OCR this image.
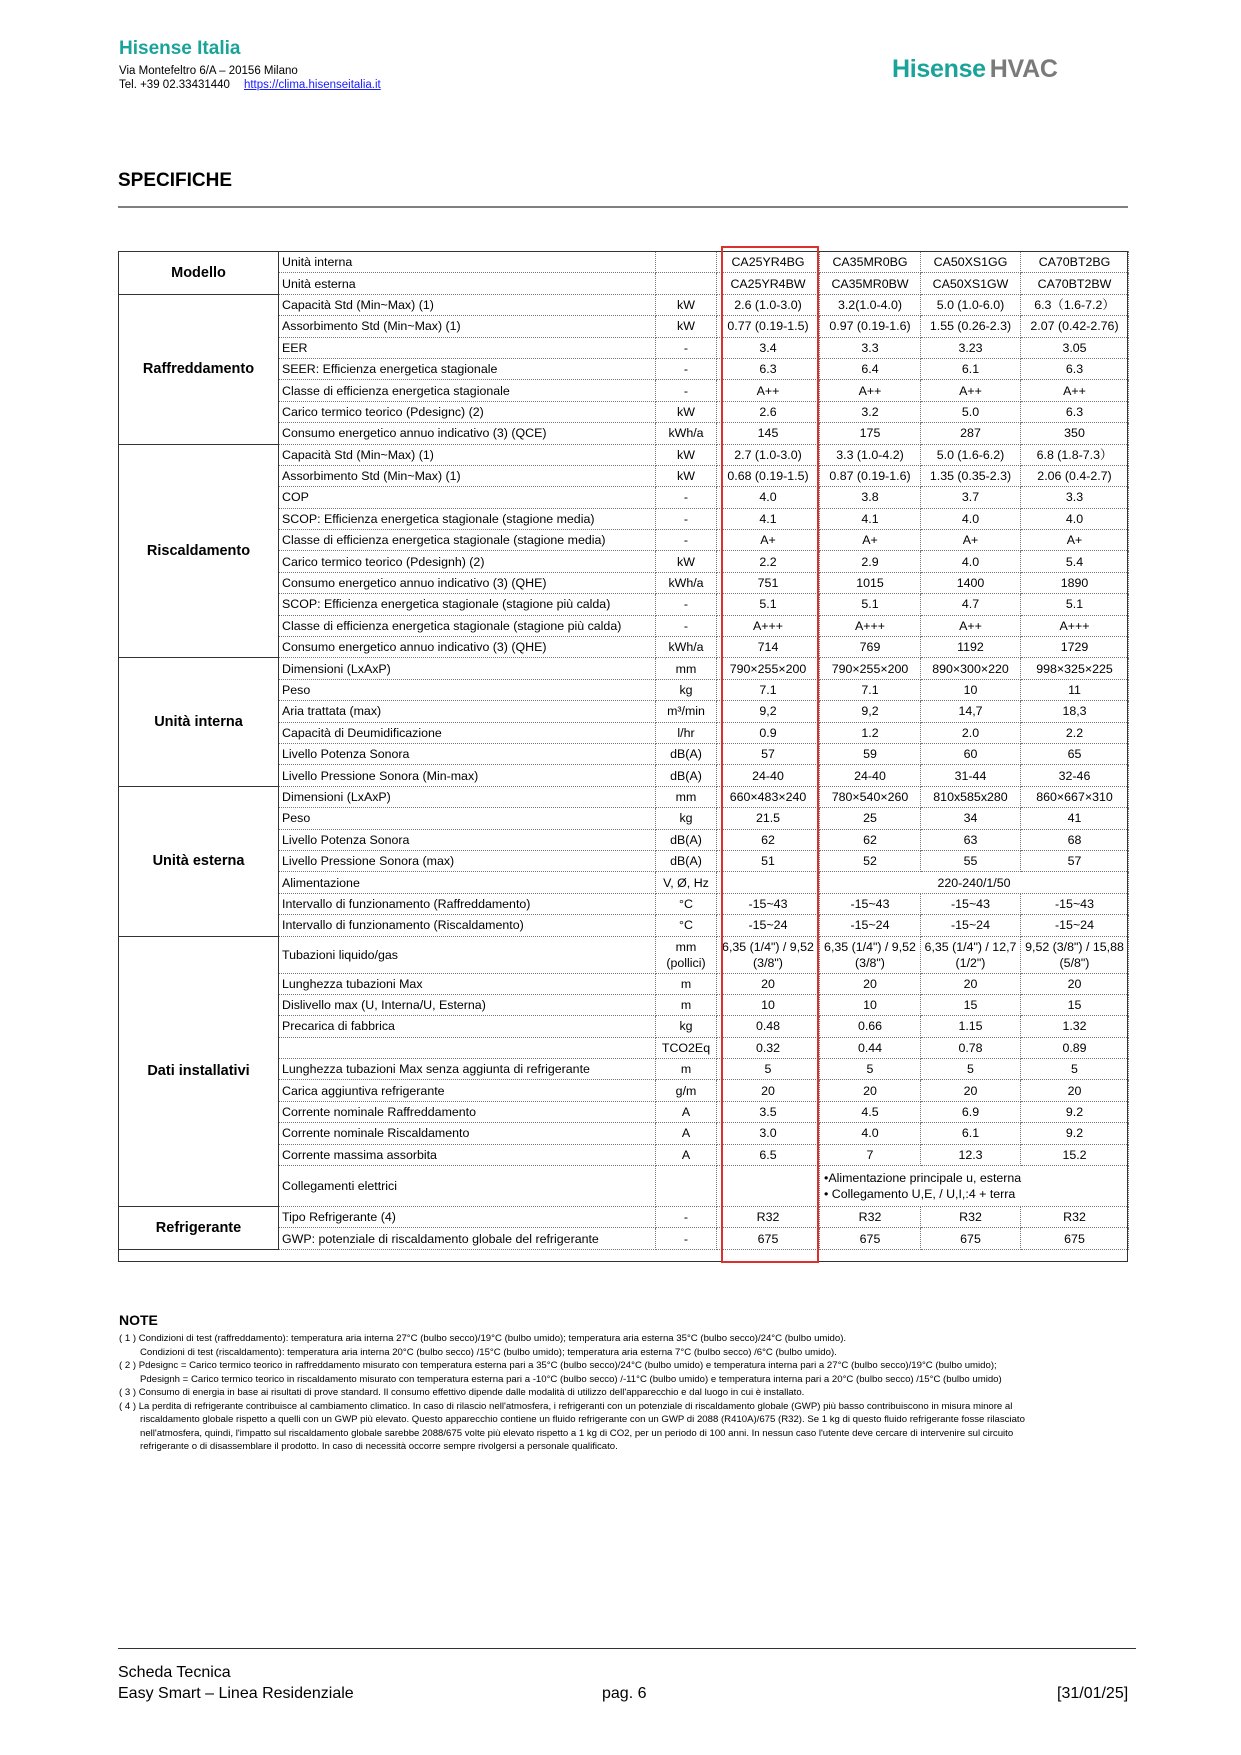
Hisense Italia
Via Montefeltro 6/A – 20156 Milano
Tel. +39 02.33431440 https://clima.hisenseitalia.it
Hisense HVAC
SPECIFICHE
Modello	Unità interna		CA25YR4BG	CA35MR0BG	CA50XS1GG	CA70BT2BG
	Unità esterna		CA25YR4BW	CA35MR0BW	CA50XS1GW	CA70BT2BW
Raffreddamento	Capacità Std (Min~Max) (1)	kW	2.6 (1.0-3.0)	3.2(1.0-4.0)	5.0 (1.0-6.0)	6.3（1.6-7.2）
	Assorbimento Std (Min~Max) (1)	kW	0.77 (0.19-1.5)	0.97 (0.19-1.6)	1.55 (0.26-2.3)	2.07 (0.42-2.76)
	EER	-	3.4	3.3	3.23	3.05
	SEER: Efficienza energetica stagionale	-	6.3	6.4	6.1	6.3
	Classe di efficienza energetica stagionale	-	A++	A++	A++	A++
	Carico termico teorico (Pdesignc) (2)	kW	2.6	3.2	5.0	6.3
	Consumo energetico annuo indicativo (3) (QCE)	kWh/a	145	175	287	350
Riscaldamento	Capacità Std (Min~Max) (1)	kW	2.7 (1.0-3.0)	3.3 (1.0-4.2)	5.0 (1.6-6.2)	6.8 (1.8-7.3）
	Assorbimento Std (Min~Max) (1)	kW	0.68 (0.19-1.5)	0.87 (0.19-1.6)	1.35 (0.35-2.3)	2.06 (0.4-2.7)
	COP	-	4.0	3.8	3.7	3.3
	SCOP: Efficienza energetica stagionale (stagione media)	-	4.1	4.1	4.0	4.0
	Classe di efficienza energetica stagionale (stagione media)	-	A+	A+	A+	A+
	Carico termico teorico (Pdesignh) (2)	kW	2.2	2.9	4.0	5.4
	Consumo energetico annuo indicativo (3) (QHE)	kWh/a	751	1015	1400	1890
	SCOP: Efficienza energetica stagionale (stagione più calda)	-	5.1	5.1	4.7	5.1
	Classe di efficienza energetica stagionale (stagione più calda)	-	A+++	A+++	A++	A+++
	Consumo energetico annuo indicativo (3) (QHE)	kWh/a	714	769	1192	1729
Unità interna	Dimensioni (LxAxP)	mm	790×255×200	790×255×200	890×300×220	998×325×225
	Peso	kg	7.1	7.1	10	11
	Aria trattata (max)	m³/min	9,2	9,2	14,7	18,3
	Capacità di Deumidificazione	l/hr	0.9	1.2	2.0	2.2
	Livello Potenza Sonora	dB(A)	57	59	60	65
	Livello Pressione Sonora (Min-max)	dB(A)	24-40	24-40	31-44	32-46
Unità esterna	Dimensioni (LxAxP)	mm	660×483×240	780×540×260	810x585x280	860×667×310
	Peso	kg	21.5	25	34	41
	Livello Potenza Sonora	dB(A)	62	62	63	68
	Livello Pressione Sonora (max)	dB(A)	51	52	55	57
	Alimentazione	V, Ø, Hz		220-240/1/50		
	Intervallo di funzionamento (Raffreddamento)	°C	-15~43	-15~43	-15~43	-15~43
	Intervallo di funzionamento (Riscaldamento)	°C	-15~24	-15~24	-15~24	-15~24
Dati installativi	Tubazioni liquido/gas	mm (pollici)	6,35 (1/4") / 9,52 (3/8")	6,35 (1/4") / 9,52 (3/8")	6,35 (1/4") / 12,7 (1/2")	9,52 (3/8") / 15,88 (5/8")
	Lunghezza tubazioni Max	m	20	20	20	20
	Dislivello max (U, Interna/U, Esterna)	m	10	10	15	15
	Precarica di fabbrica	kg	0.48	0.66	1.15	1.32
		TCO2Eq	0.32	0.44	0.78	0.89
	Lunghezza tubazioni Max senza aggiunta di refrigerante	m	5	5	5	5
	Carica aggiuntiva refrigerante	g/m	20	20	20	20
	Corrente nominale Raffreddamento	A	3.5	4.5	6.9	9.2
	Corrente nominale Riscaldamento	A	3.0	4.0	6.1	9.2
	Corrente massima assorbita	A	6.5	7	12.3	15.2
	Collegamenti elettrici			•Alimentazione principale u, esterna
• Collegamento U,E, / U,I,:4 + terra		

Refrigerante	Tipo Refrigerante (4)	-	R32	R32	R32	R32
	GWP: potenziale di riscaldamento globale del refrigerante	-	675	675	675	675
NOTE
( 1 ) Condizioni di test (raffreddamento): temperatura aria interna 27°C (bulbo secco)/19°C (bulbo umido); temperatura aria esterna 35°C (bulbo secco)/24°C (bulbo umido).
Condizioni di test (riscaldamento): temperatura aria interna 20°C (bulbo secco) /15°C (bulbo umido); temperatura aria esterna 7°C (bulbo secco) /6°C (bulbo umido).
( 2 ) Pdesignc = Carico termico teorico in raffreddamento misurato con temperatura esterna pari a 35°C (bulbo secco)/24°C (bulbo umido) e temperatura interna pari a 27°C (bulbo secco)/19°C (bulbo umido);
Pdesignh = Carico termico teorico in riscaldamento misurato con temperatura esterna pari a -10°C (bulbo secco) /-11°C (bulbo umido) e temperatura interna pari a 20°C (bulbo secco) /15°C (bulbo umido)
( 3 ) Consumo di energia in base ai risultati di prove standard. Il consumo effettivo dipende dalle modalità di utilizzo dell'apparecchio e dal luogo in cui è installato.
( 4 ) La perdita di refrigerante contribuisce al cambiamento climatico. In caso di rilascio nell'atmosfera, i refrigeranti con un potenziale di riscaldamento globale (GWP) più basso contribuiscono in misura minore al
riscaldamento globale rispetto a quelli con un GWP più elevato. Questo apparecchio contiene un fluido refrigerante con un GWP di 2088 (R410A)/675 (R32). Se 1 kg di questo fluido refrigerante fosse rilasciato
nell'atmosfera, quindi, l'impatto sul riscaldamento globale sarebbe 2088/675 volte più elevato rispetto a 1 kg di CO2, per un periodo di 100 anni. In nessun caso l'utente deve cercare di intervenire sul circuito
refrigerante o di disassemblare il prodotto. In caso di necessità occorre sempre rivolgersi a personale qualificato.
Scheda Tecnica
Easy Smart – Linea Residenziale	pag. 6	[31/01/25]
